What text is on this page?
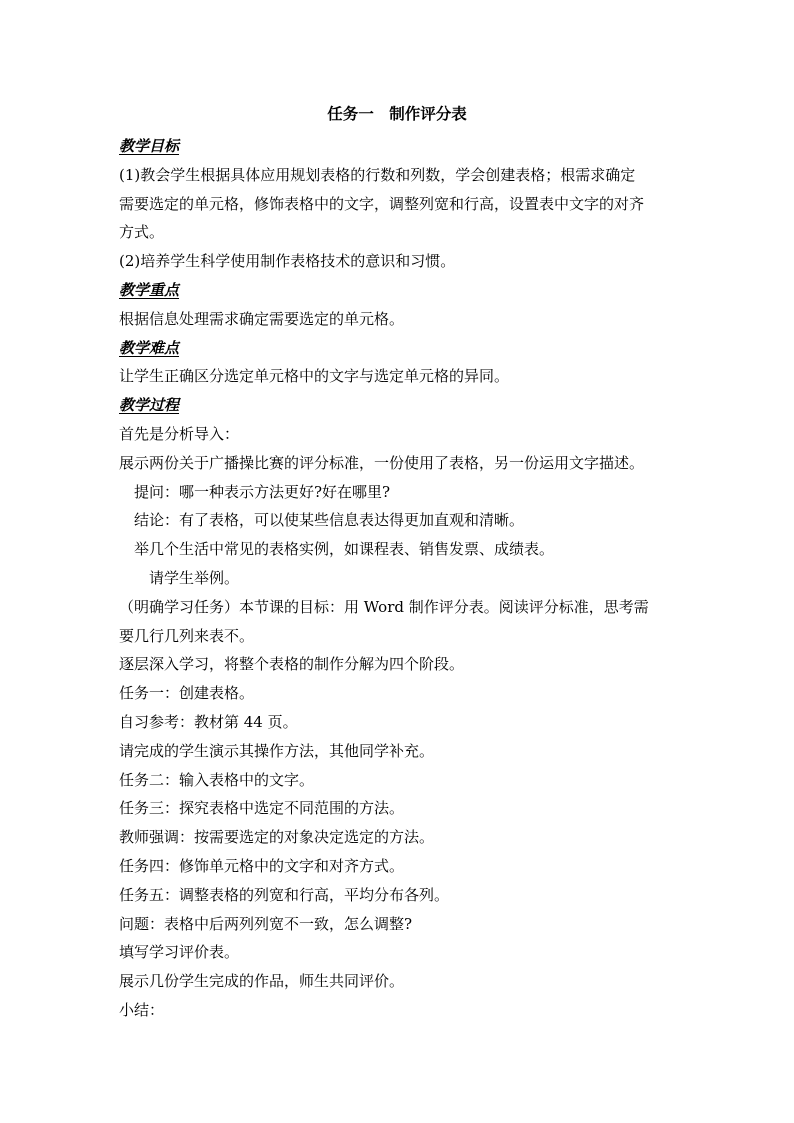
任务一　制作评分表
教学目标
(1)教会学生根据具体应用规划表格的行数和列数，学会创建表格；根需求确定
需要选定的单元格，修饰表格中的文字，调整列宽和行高，设置表中文字的对齐
方式。
(2)培养学生科学使用制作表格技术的意识和习惯。
教学重点
根据信息处理需求确定需要选定的单元格。
教学难点
让学生正确区分选定单元格中的文字与选定单元格的异同。
教学过程
首先是分析导入：
展示两份关于广播操比赛的评分标准，一份使用了表格，另一份运用文字描述。
提问：哪一种表示方法更好?好在哪里?
结论：有了表格，可以使某些信息表达得更加直观和清晰。
举几个生活中常见的表格实例，如课程表、销售发票、成绩表。
请学生举例。
（明确学习任务）本节课的目标：用 Word 制作评分表。阅读评分标准，思考需
要几行几列来表不。
逐层深入学习，将整个表格的制作分解为四个阶段。
任务一：创建表格。
自习参考：教材第 44 页。
请完成的学生演示其操作方法，其他同学补充。
任务二：输入表格中的文字。
任务三：探究表格中选定不同范围的方法。
教师强调：按需要选定的对象决定选定的方法。
任务四：修饰单元格中的文字和对齐方式。
任务五：调整表格的列宽和行高，平均分布各列。
问题：表格中后两列列宽不一致，怎么调整?
填写学习评价表。
展示几份学生完成的作品，师生共同评价。
小结：
